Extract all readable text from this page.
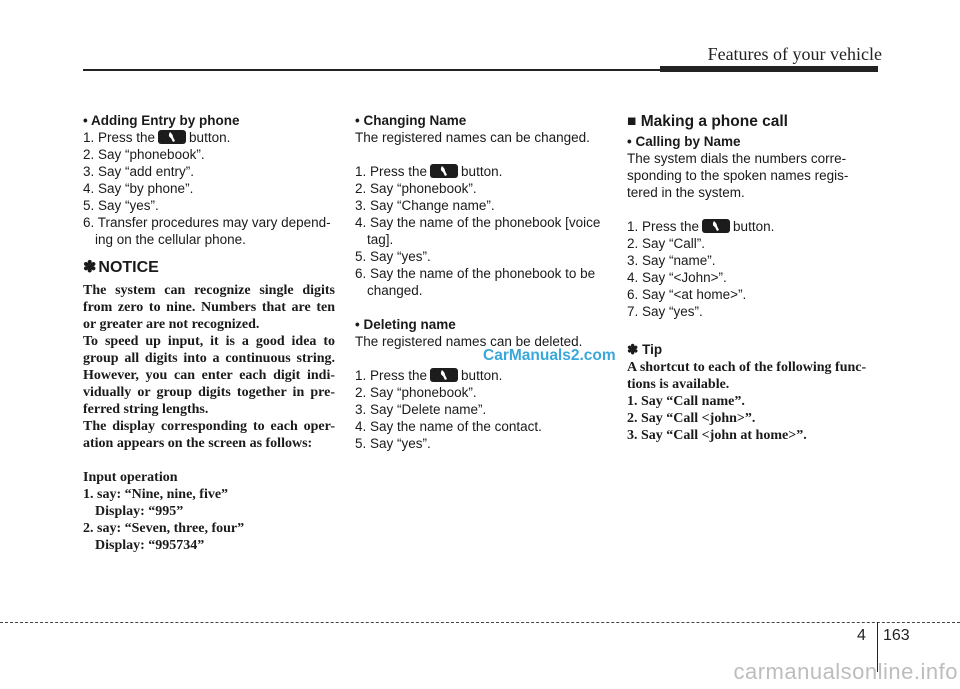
Features of your vehicle
• Adding Entry by phone
1. Press the	button.
2. Say “phonebook”.
3. Say “add entry”.
4. Say “by phone”.
5. Say “yes”.
6. Transfer procedures may vary depend-
ing on the cellular phone.
✽ NOTICE
The system can recognize single digits from zero to nine. Numbers that are ten or greater are not recognized.
To speed up input, it is a good idea to group all digits into a continuous string. However, you can enter each digit indi-vidually or group digits together in pre-ferred string lengths.
The display corresponding to each oper-ation appears on the screen as follows:
Input operation
1. say: “Nine, nine, five”
Display: “995”
2. say: “Seven, three, four”
Display: “995734”
• Changing Name
The registered names can be changed.
1. Press the	button.
2. Say “phonebook”.
3. Say “Change name”.
4. Say the name of the phonebook [voice
tag].
5. Say “yes”.
6. Say the name of the phonebook to be
changed.
• Deleting name
The registered names can be deleted.
1. Press the	button.
2. Say “phonebook”.
3. Say “Delete name”.
4. Say the name of the contact.
5. Say “yes”.
■ Making a phone call
• Calling by Name
The system dials the numbers corre-
sponding to the spoken names regis-
tered in the system.
1. Press the	button.
2. Say “Call”.
3. Say “name”.
4. Say “<John>”.
6. Say “<at home>”.
7. Say “yes”.
✽ Tip
A shortcut to each of the following func-
tions is available.
1. Say “Call name”.
2. Say “Call <john>”.
3. Say “Call <john at home>”.
CarManuals2.com
4 163
carmanualsonline.info
